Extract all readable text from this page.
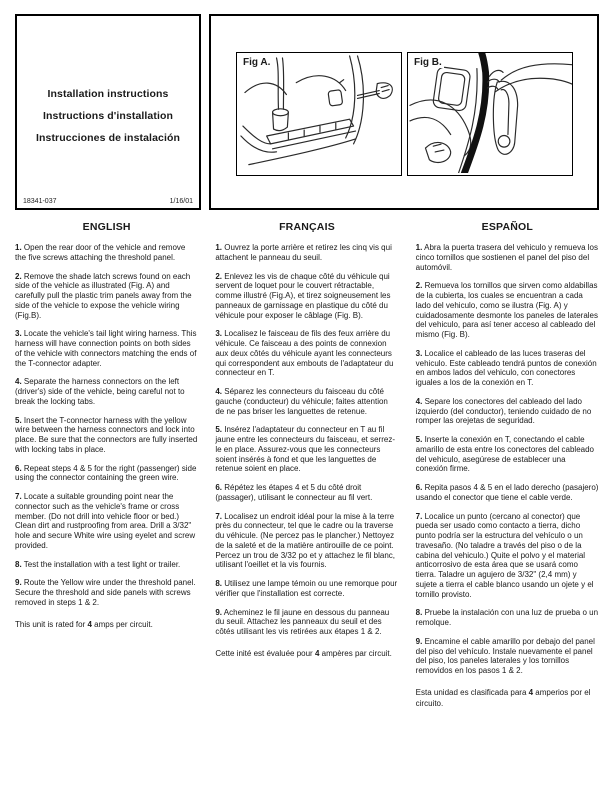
Installation instructions
Instructions d'installation
Instrucciones de instalación
18341-037	1/16/01
Fig A.	Fig B.
ENGLISH

1. Open the rear door of the vehicle and remove the five screws attaching the threshold panel.

2. Remove the shade latch screws found on each side of the vehicle as illustrated (Fig. A) and carefully pull the plastic trim panels away from the side of the vehicle to expose the vehicle wiring (Fig.B).

3. Locate the vehicle's tail light wiring harness. This harness will have connection points on both sides of the vehicle with connectors matching the ends of the T-connector adapter.

4. Separate the harness connectors on the left (driver's) side of the vehicle, being careful not to break the locking tabs.

5. Insert the T-connector harness with the yellow wire between the harness connectors and lock into place. Be sure that the connectors are fully inserted with locking tabs in place.

6. Repeat steps 4 & 5 for the right (passenger) side using the connector containing the green wire.

7. Locate a suitable grounding point near the connector such as the vehicle's frame or cross member. (Do not drill into vehicle floor or bed.) Clean dirt and rustproofing from area. Drill a 3/32" hole and secure White wire using eyelet and screw provided.

8. Test the installation with a test light or trailer.

9. Route the Yellow wire under the threshold panel. Secure the threshold and side panels with screws removed in steps 1 & 2.

This unit is rated for 4 amps per circuit.

FRANÇAIS

1. Ouvrez la porte arrière et retirez les cinq vis qui attachent le panneau du seuil.

2. Enlevez les vis de chaque côté du véhicule qui servent de loquet pour le couvert rétractable, comme illustré (Fig.A), et tirez soigneusement les panneaux de garnissage en plastique du côté du véhicule pour exposer le câblage (Fig. B).

3. Localisez le faisceau de fils des feux arrière du véhicule. Ce faisceau a des points de connexion aux deux côtés du véhicule ayant les connecteurs qui correspondent aux embouts de l'adaptateur du connecteur en T.

4. Séparez les connecteurs du faisceau du côté gauche (conducteur) du véhicule; faites attention de ne pas briser les languettes de retenue.

5. Insérez l'adaptateur du connecteur en T au fil jaune entre les connecteurs du faisceau, et serrez-le en place. Assurez-vous que les connecteurs soient insérés à fond et que les languettes de retenue soient en place.

6. Répétez les étapes 4 et 5 du côté droit (passager), utilisant le connecteur au fil vert.

7. Localisez un endroit idéal pour la mise à la terre près du connecteur, tel que le cadre ou la traverse du véhicule. (Ne percez pas le plancher.) Nettoyez de la saleté et de la matière antirouille de ce point. Percez un trou de 3/32 po et y attachez le fil blanc, utilisant l'oeillet et la vis fournis.

8. Utilisez une lampe témoin ou une remorque pour vérifier que l'installation est correcte.

9. Acheminez le fil jaune en dessous du panneau du seuil. Attachez les panneaux du seuil et des côtés utilisant les vis retirées aux étapes 1 & 2.

Cette inité est évaluée pour 4 ampères par circuit.

ESPAÑOL

1. Abra la puerta trasera del vehiculo y remueva los cinco tornillos que sostienen el panel del piso del automóvil.

2. Remueva los tornillos que sirven como aldabillas de la cubierta, los cuales se encuentran a cada lado del vehiculo, como se ilustra (Fig. A) y cuidadosamente desmonte los paneles de laterales del vehiculo, para así tener acceso al cableado del mismo (Fig. B).

3. Localice el cableado de las luces traseras del vehiculo. Este cableado tendrá puntos de conexión en ambos lados del vehiculo, con conectores iguales a los de la conexión en T.

4. Separe los conectores del cableado del lado izquierdo (del conductor), teniendo cuidado de no romper las orejetas de seguridad.

5. Inserte la conexión en T, conectando el cable amarillo de esta entre los conectores del cableado del vehiculo, asegúrese de establecer una conexión firme.

6. Repita pasos 4 & 5 en el lado derecho (pasajero) usando el conector que tiene el cable verde.

7. Localice un punto (cercano al conector) que pueda ser usado como contacto a tierra, dicho punto podría ser la estructura del vehículo o un travesaño. (No taladre a través del piso o de la cabina del vehiculo.) Quite el polvo y el material anticorrosivo de esta área que se usará como tierra. Taladre un agujero de 3/32" (2,4 mm) y sujete a tierra el cable blanco usando un ojete y el tornillo provisto.

8. Pruebe la instalación con una luz de prueba o un remolque.

9. Encamine el cable amarillo por debajo del panel del piso del vehículo. Instale nuevamente el panel del piso, los paneles laterales y los tornillos removidos en los pasos 1 & 2.

Esta unidad es clasificada para 4 amperios por el circuito.
